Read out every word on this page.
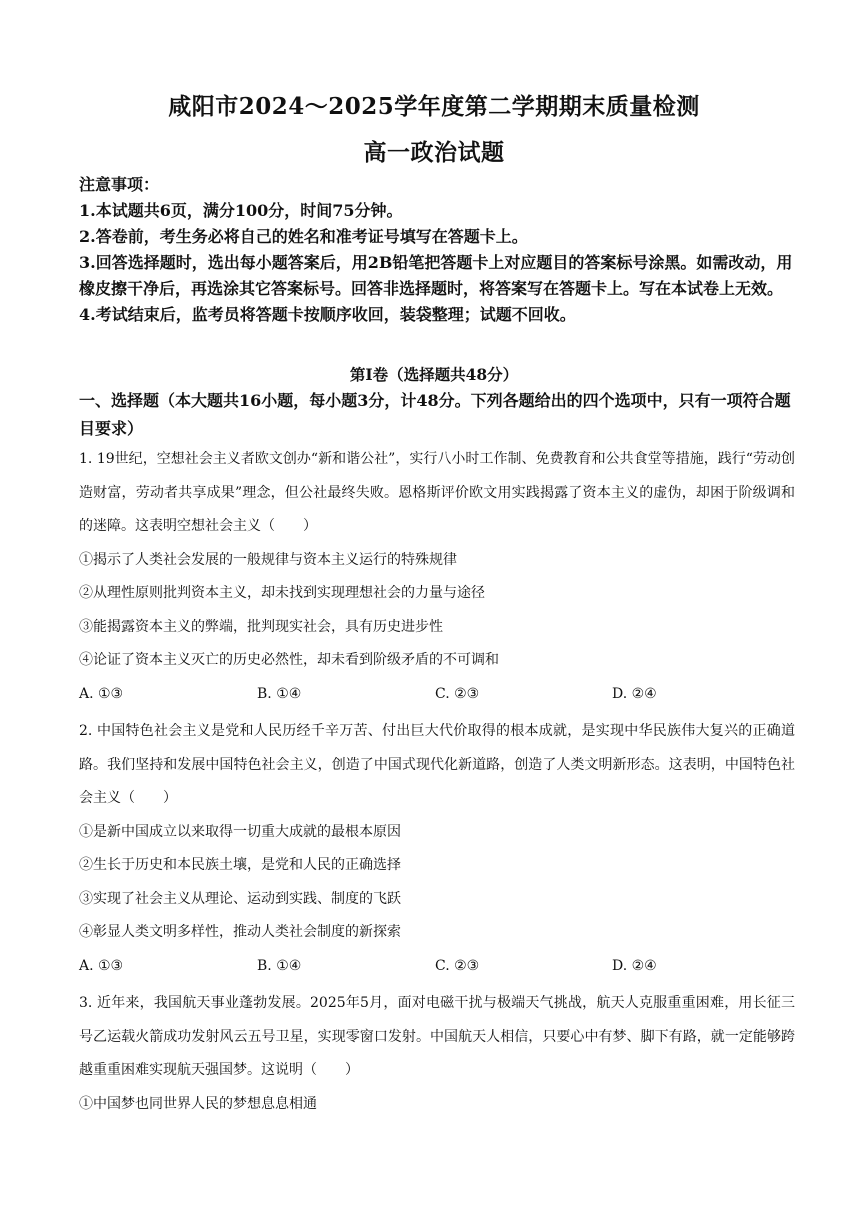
咸阳市2024～2025学年度第二学期期末质量检测
高一政治试题
注意事项：
1.本试题共6页，满分100分，时间75分钟。
2.答卷前，考生务必将自己的姓名和准考证号填写在答题卡上。
3.回答选择题时，选出每小题答案后，用2B铅笔把答题卡上对应题目的答案标号涂黑。如需改动，用橡皮擦干净后，再选涂其它答案标号。回答非选择题时，将答案写在答题卡上。写在本试卷上无效。
4.考试结束后，监考员将答题卡按顺序收回，装袋整理；试题不回收。
第Ⅰ卷（选择题共48分）
一、选择题（本大题共16小题，每小题3分，计48分。下列各题给出的四个选项中，只有一项符合题目要求）
1. 19世纪，空想社会主义者欧文创办“新和谐公社”，实行八小时工作制、免费教育和公共食堂等措施，践行“劳动创造财富，劳动者共享成果”理念，但公社最终失败。恩格斯评价欧文用实践揭露了资本主义的虚伪，却困于阶级调和的迷障。这表明空想社会主义（　　）
①揭示了人类社会发展的一般规律与资本主义运行的特殊规律
②从理性原则批判资本主义，却未找到实现理想社会的力量与途径
③能揭露资本主义的弊端，批判现实社会，具有历史进步性
④论证了资本主义灭亡的历史必然性，却未看到阶级矛盾的不可调和
A. ①③	B. ①④	C. ②③	D. ②④
2. 中国特色社会主义是党和人民历经千辛万苦、付出巨大代价取得的根本成就，是实现中华民族伟大复兴的正确道路。我们坚持和发展中国特色社会主义，创造了中国式现代化新道路，创造了人类文明新形态。这表明，中国特色社会主义（　　）
①是新中国成立以来取得一切重大成就的最根本原因
②生长于历史和本民族土壤，是党和人民的正确选择
③实现了社会主义从理论、运动到实践、制度的飞跃
④彰显人类文明多样性，推动人类社会制度的新探索
A. ①③	B. ①④	C. ②③	D. ②④
3. 近年来，我国航天事业蓬勃发展。2025年5月，面对电磁干扰与极端天气挑战，航天人克服重重困难，用长征三号乙运载火箭成功发射风云五号卫星，实现零窗口发射。中国航天人相信，只要心中有梦、脚下有路，就一定能够跨越重重困难实现航天强国梦。这说明（　　）
①中国梦也同世界人民的梦想息息相通
